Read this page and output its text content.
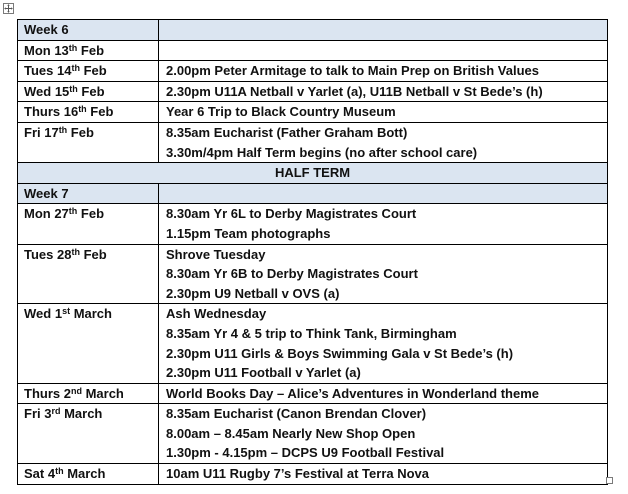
Week 6	
Mon 13th Feb	
Tues 14th Feb	2.00pm Peter Armitage to talk to Main Prep on British Values

Wed 15th Feb	2.30pm U11A Netball v Yarlet (a), U11B Netball v St Bede’s (h)

Thurs 16th Feb	Year 6 Trip to Black Country Museum

Fri 17th Feb	8.35am Eucharist (Father Graham Bott)
3.30m/4pm Half Term begins (no after school care)

HALF TERM	
Week 7	
Mon 27th Feb	8.30am Yr 6L to Derby Magistrates Court
1.15pm Team photographs

Tues 28th Feb	Shrove Tuesday
8.30am Yr 6B to Derby Magistrates Court
2.30pm U9 Netball v OVS (a)

Wed 1st March	Ash Wednesday
8.35am Yr 4 & 5 trip to Think Tank, Birmingham
2.30pm U11 Girls & Boys Swimming Gala v St Bede’s (h)
2.30pm U11 Football v Yarlet (a)

Thurs 2nd March	World Books Day – Alice’s Adventures in Wonderland theme

Fri 3rd March	8.35am Eucharist (Canon Brendan Clover)
8.00am – 8.45am Nearly New Shop Open
1.30pm - 4.15pm – DCPS U9 Football Festival

Sat 4th March	10am U11 Rugby 7’s Festival at Terra Nova
